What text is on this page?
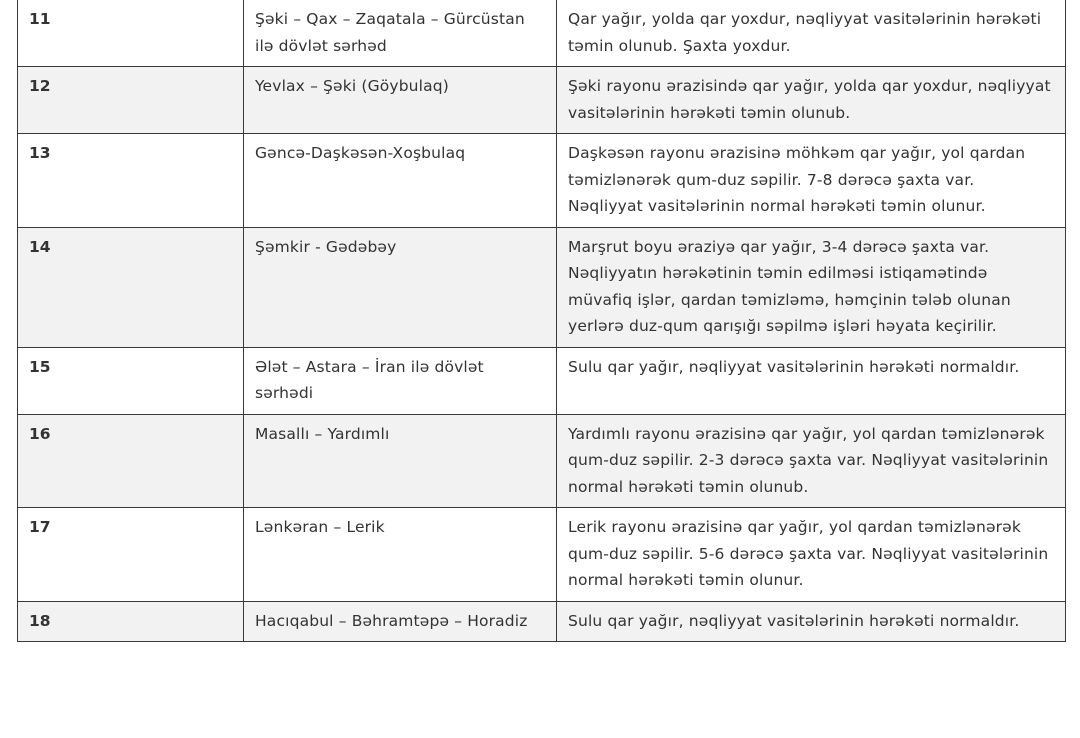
11	Şəki – Qax – Zaqatala – Gürcüstan ilə dövlət sərhəd	Qar yağır, yolda qar yoxdur, nəqliyyat vasitələrinin hərəkəti təmin olunub. Şaxta yoxdur.
12	Yevlax – Şəki (Göybulaq)	Şəki rayonu ərazisində qar yağır, yolda qar yoxdur, nəqliyyat vasitələrinin hərəkəti təmin olunub.
13	Gəncə-Daşkəsən-Xoşbulaq	Daşkəsən rayonu ərazisinə möhkəm qar yağır, yol qardan təmizlənərək qum-duz səpilir. 7-8 dərəcə şaxta var. Nəqliyyat vasitələrinin normal hərəkəti təmin olunur.
14	Şəmkir - Gədəbəy	Marşrut boyu əraziyə qar yağır, 3-4 dərəcə şaxta var. Nəqliyyatın hərəkətinin təmin edilməsi istiqamətində müvafiq işlər, qardan təmizləmə, həmçinin tələb olunan yerlərə duz-qum qarışığı səpilmə işləri həyata keçirilir.
15	Ələt – Astara – İran ilə dövlət sərhədi	Sulu qar yağır, nəqliyyat vasitələrinin hərəkəti normaldır.
16	Masallı – Yardımlı	Yardımlı rayonu ərazisinə qar yağır, yol qardan təmizlənərək qum-duz səpilir. 2-3 dərəcə şaxta var. Nəqliyyat vasitələrinin normal hərəkəti təmin olunub.
17	Lənkəran – Lerik	Lerik rayonu ərazisinə qar yağır, yol qardan təmizlənərək qum-duz səpilir. 5-6 dərəcə şaxta var. Nəqliyyat vasitələrinin normal hərəkəti təmin olunur.
18	Hacıqabul – Bəhramtəpə – Horadiz	Sulu qar yağır, nəqliyyat vasitələrinin hərəkəti normaldır.
